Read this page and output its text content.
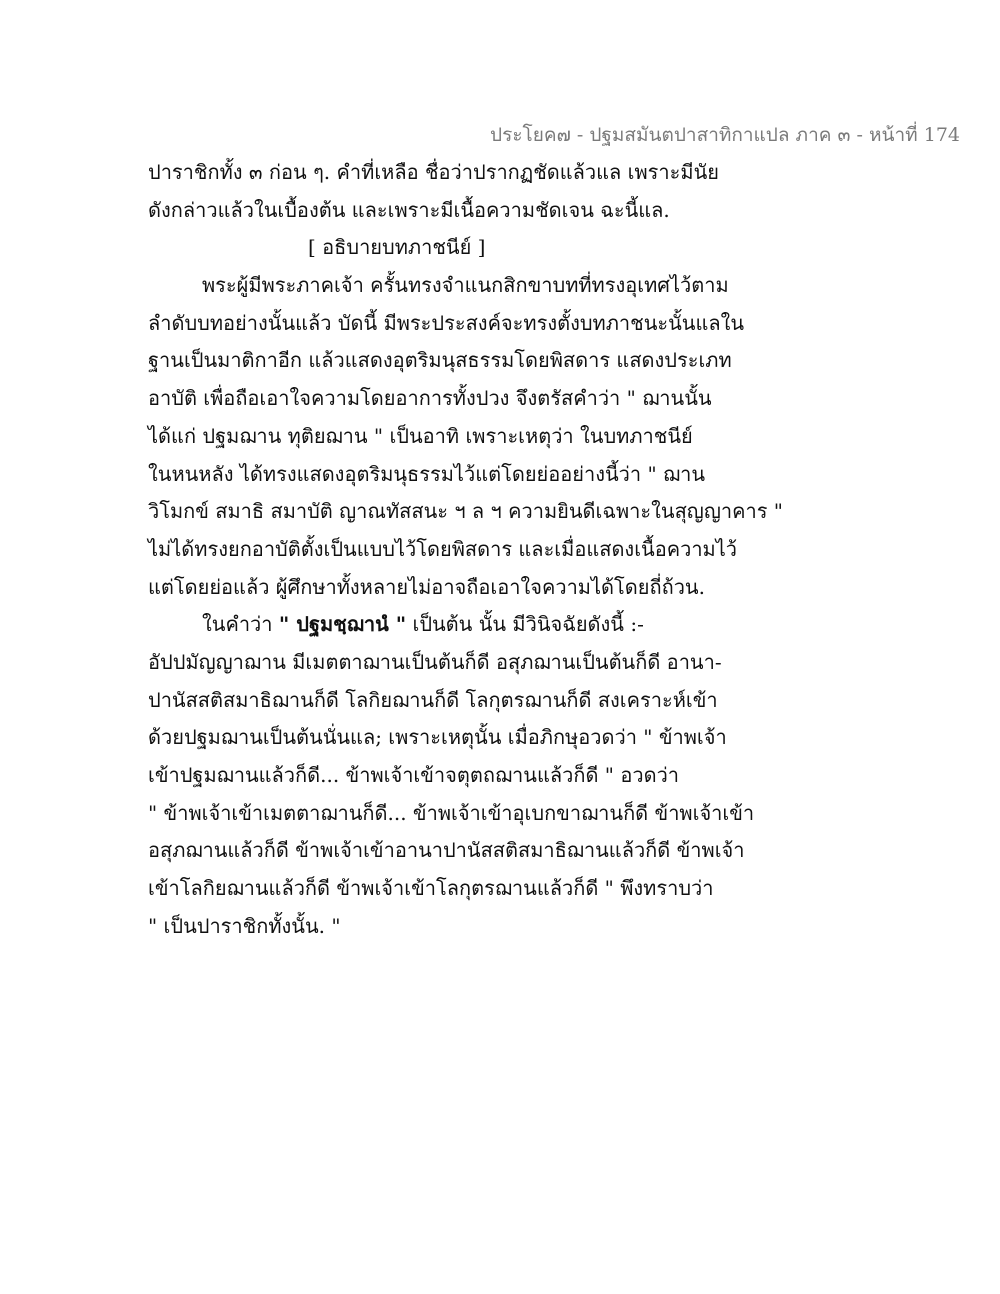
ประโยค๗ - ปฐมสมันตปาสาทิกาแปล ภาค ๓ - หน้าที่ 174
ปาราชิกทั้ง ๓ ก่อน ๆ. คำที่เหลือ ชื่อว่าปรากฏชัดแล้วแล เพราะมีนัย
ดังกล่าวแล้วในเบื้องต้น และเพราะมีเนื้อความชัดเจน ฉะนี้แล.
[ อธิบายบทภาชนีย์ ]
พระผู้มีพระภาคเจ้า ครั้นทรงจำแนกสิกขาบทที่ทรงอุเทศไว้ตาม
ลำดับบทอย่างนั้นแล้ว บัดนี้ มีพระประสงค์จะทรงตั้งบทภาชนะนั้นแลใน
ฐานเป็นมาติกาอีก แล้วแสดงอุตริมนุสธรรมโดยพิสดาร แสดงประเภท
อาบัติ เพื่อถือเอาใจความโดยอาการทั้งปวง จึงตรัสคำว่า " ฌานนั้น
ได้แก่ ปฐมฌาน ทุติยฌาน " เป็นอาทิ เพราะเหตุว่า ในบทภาชนีย์
ในหนหลัง ได้ทรงแสดงอุตริมนุธรรมไว้แต่โดยย่ออย่างนี้ว่า " ฌาน
วิโมกข์ สมาธิ สมาบัติ ญาณทัสสนะ ฯ ล ฯ ความยินดีเฉพาะในสุญญาคาร "
ไม่ได้ทรงยกอาบัติตั้งเป็นแบบไว้โดยพิสดาร และเมื่อแสดงเนื้อความไว้
แต่โดยย่อแล้ว ผู้ศึกษาทั้งหลายไม่อาจถือเอาใจความได้โดยถี่ถ้วน.
ในคำว่า " ปฐมชฺฌานํ " เป็นต้น นั้น มีวินิจฉัยดังนี้ :-
อัปปมัญญาฌาน มีเมตตาฌานเป็นต้นก็ดี อสุภฌานเป็นต้นก็ดี อานา-
ปานัสสติสมาธิฌานก็ดี โลกิยฌานก็ดี โลกุตรฌานก็ดี สงเคราะห์เข้า
ด้วยปฐมฌานเป็นต้นนั่นแล; เพราะเหตุนั้น เมื่อภิกษุอวดว่า " ข้าพเจ้า
เข้าปฐมฌานแล้วก็ดี... ข้าพเจ้าเข้าจตุตถฌานแล้วก็ดี " อวดว่า
" ข้าพเจ้าเข้าเมตตาฌานก็ดี... ข้าพเจ้าเข้าอุเบกขาฌานก็ดี ข้าพเจ้าเข้า
อสุภฌานแล้วก็ดี ข้าพเจ้าเข้าอานาปานัสสติสมาธิฌานแล้วก็ดี ข้าพเจ้า
เข้าโลกิยฌานแล้วก็ดี ข้าพเจ้าเข้าโลกุตรฌานแล้วก็ดี " พึงทราบว่า
" เป็นปาราชิกทั้งนั้น. "
